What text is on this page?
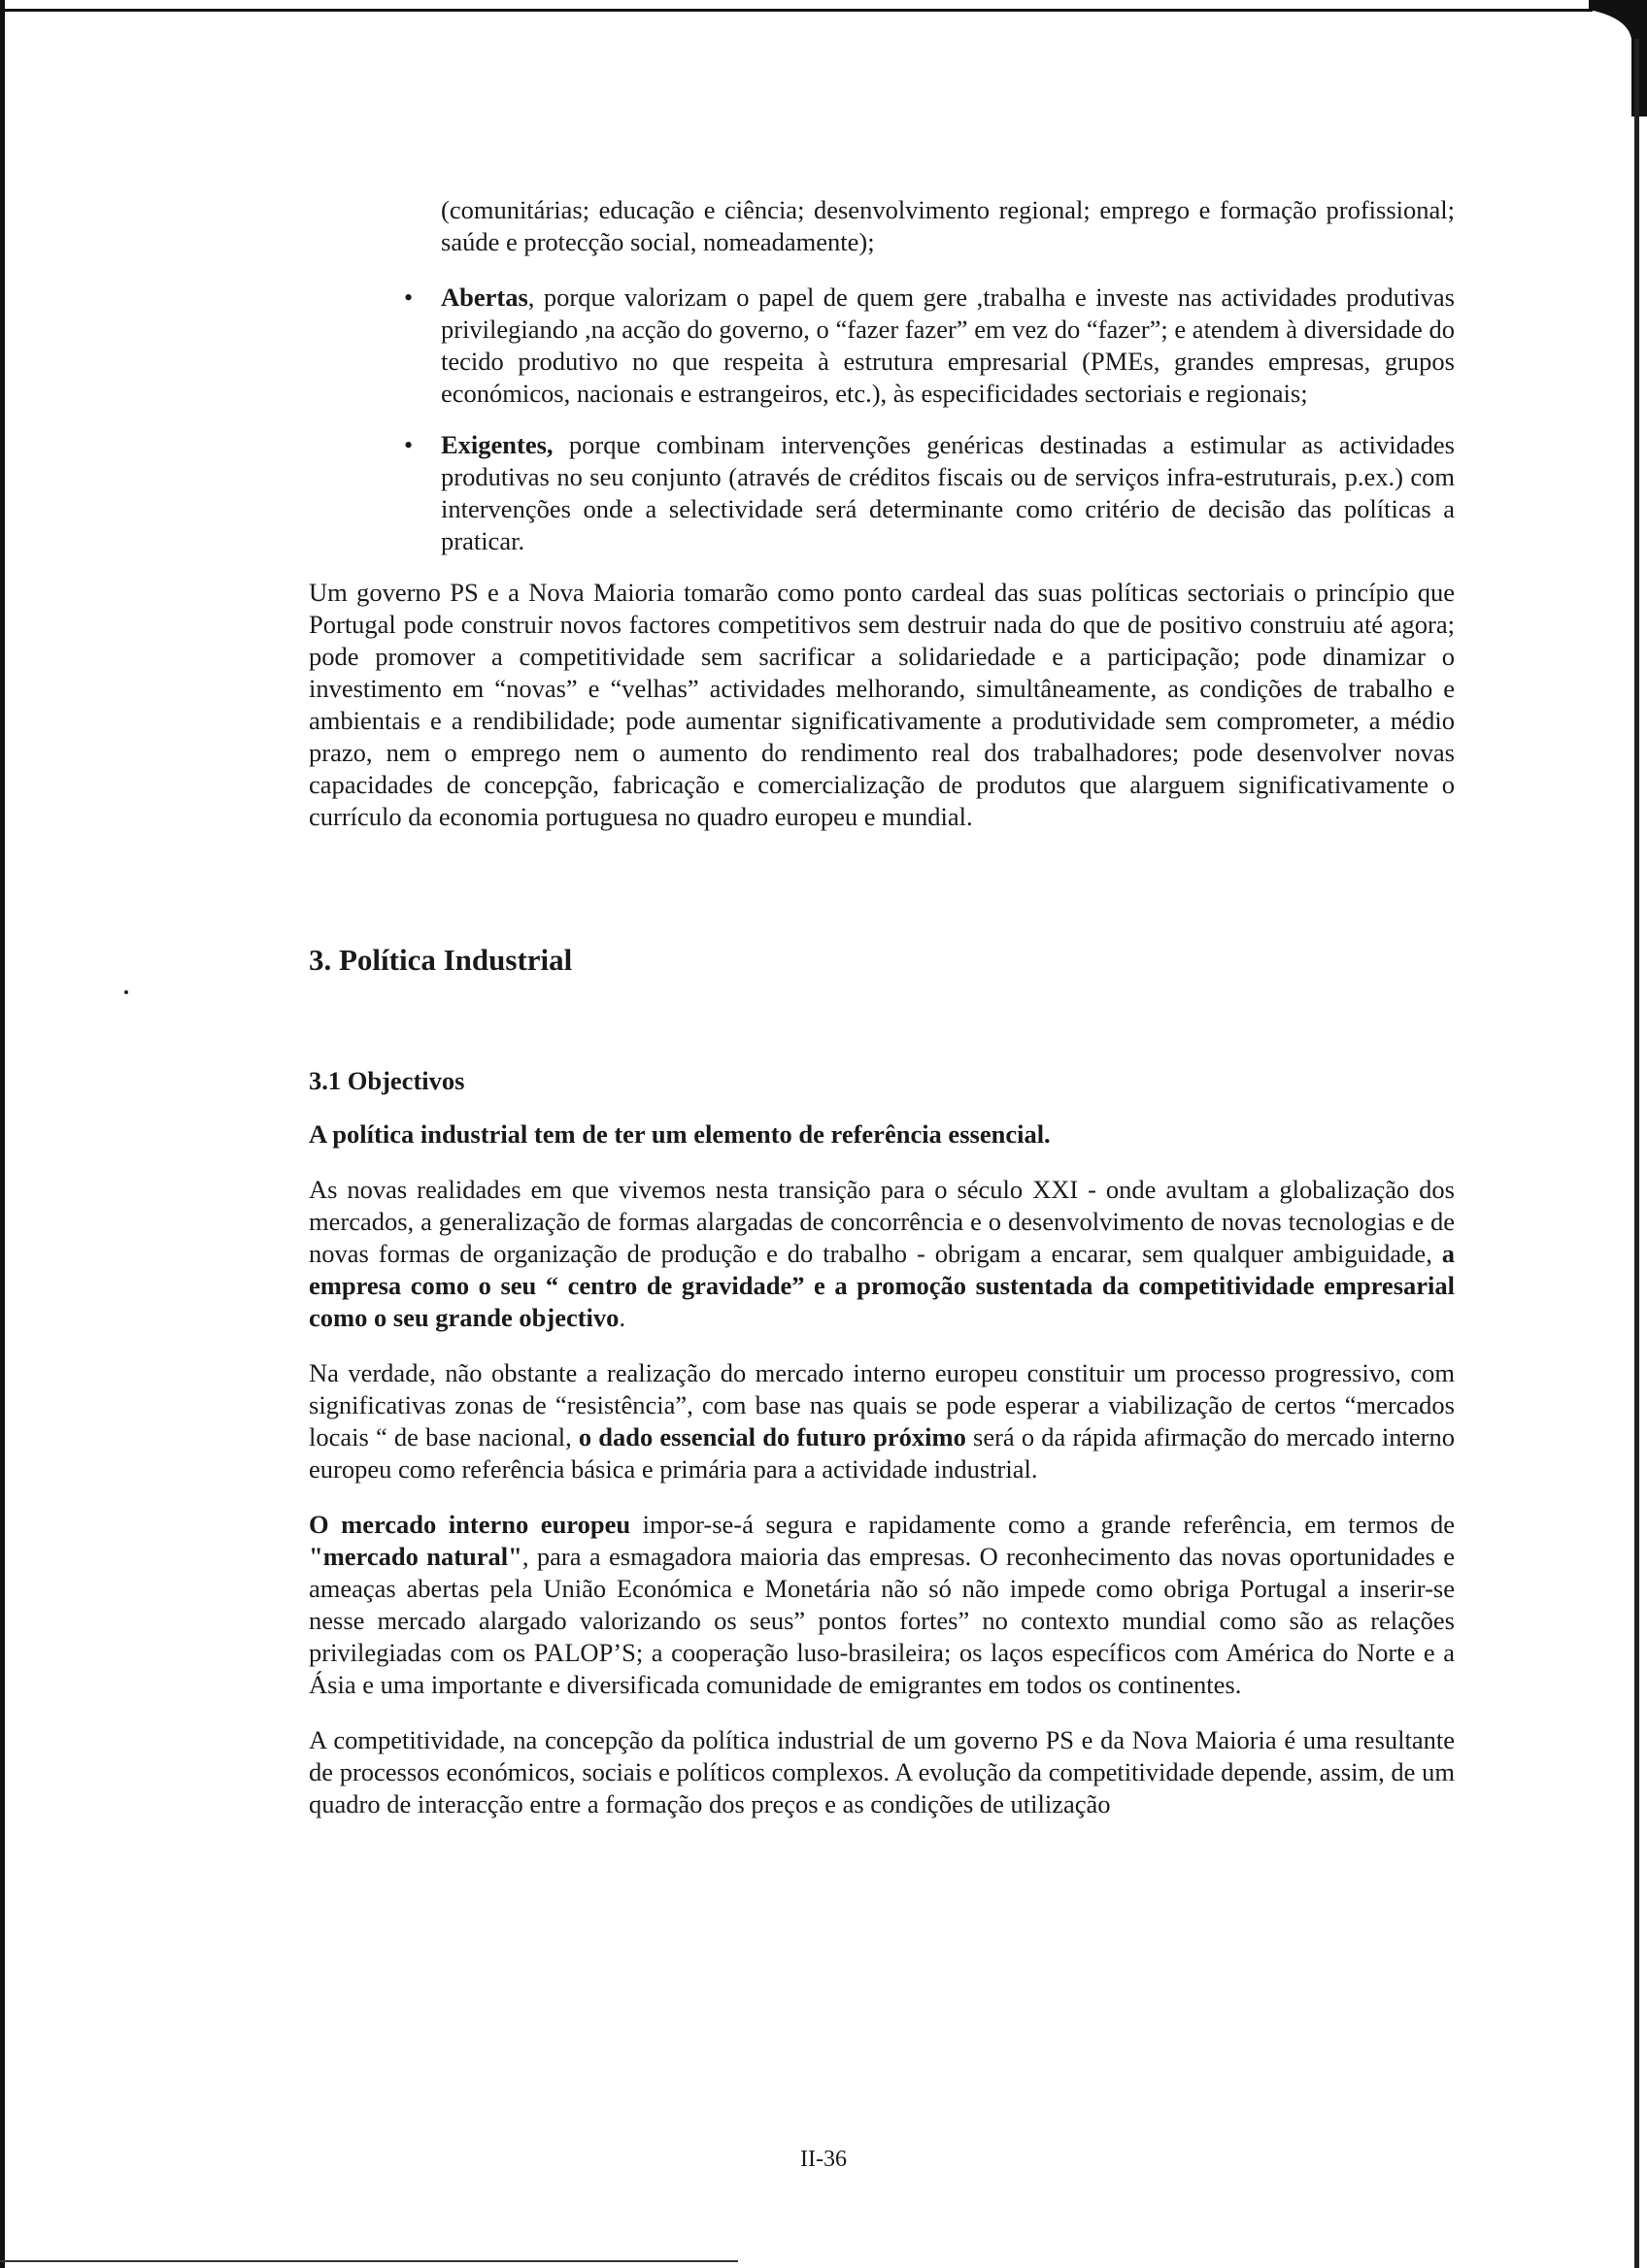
(comunitárias; educação e ciência; desenvolvimento regional; emprego e formação profissional; saúde e protecção social, nomeadamente);

• Abertas, porque valorizam o papel de quem gere ,trabalha e investe nas actividades produtivas privilegiando ,na acção do governo, o “fazer fazer” em vez do “fazer”; e atendem à diversidade do tecido produtivo no que respeita à estrutura empresarial (PMEs, grandes empresas, grupos económicos, nacionais e estrangeiros, etc.), às especificidades sectoriais e regionais;
• Exigentes, porque combinam intervenções genéricas destinadas a estimular as actividades produtivas no seu conjunto (através de créditos fiscais ou de serviços infra-estruturais, p.ex.) com intervenções onde a selectividade será determinante como critério de decisão das políticas a praticar.

Um governo PS e a Nova Maioria tomarão como ponto cardeal das suas políticas sectoriais o princípio que Portugal pode construir novos factores competitivos sem destruir nada do que de positivo construiu até agora; pode promover a competitividade sem sacrificar a solidariedade e a participação; pode dinamizar o investimento em “novas” e “velhas” actividades melhorando, simultâneamente, as condições de trabalho e ambientais e a rendibilidade; pode aumentar significativamente a produtividade sem comprometer, a médio prazo, nem o emprego nem o aumento do rendimento real dos trabalhadores; pode desenvolver novas capacidades de concepção, fabricação e comercialização de produtos que alarguem significativamente o currículo da economia portuguesa no quadro europeu e mundial.

3. Política Industrial
3.1 Objectivos

A política industrial tem de ter um elemento de referência essencial.

As novas realidades em que vivemos nesta transição para o século XXI - onde avultam a globalização dos mercados, a generalização de formas alargadas de concorrência e o desenvolvimento de novas tecnologias e de novas formas de organização de produção e do trabalho - obrigam a encarar, sem qualquer ambiguidade, a empresa como o seu “ centro de gravidade” e a promoção sustentada da competitividade empresarial como o seu grande objectivo.

Na verdade, não obstante a realização do mercado interno europeu constituir um processo progressivo, com significativas zonas de “resistência”, com base nas quais se pode esperar a viabilização de certos “mercados locais “ de base nacional, o dado essencial do futuro próximo será o da rápida afirmação do mercado interno europeu como referência básica e primária para a actividade industrial.

O mercado interno europeu impor-se-á segura e rapidamente como a grande referência, em termos de "mercado natural", para a esmagadora maioria das empresas. O reconhecimento das novas oportunidades e ameaças abertas pela União Económica e Monetária não só não impede como obriga Portugal a inserir-se nesse mercado alargado valorizando os seus” pontos fortes” no contexto mundial como são as relações privilegiadas com os PALOP’S; a cooperação luso-brasileira; os laços específicos com América do Norte e a Ásia e uma importante e diversificada comunidade de emigrantes em todos os continentes.

A competitividade, na concepção da política industrial de um governo PS e da Nova Maioria é uma resultante de processos económicos, sociais e políticos complexos. A evolução da competitividade depende, assim, de um quadro de interacção entre a formação dos preços e as condições de utilização

II-36
